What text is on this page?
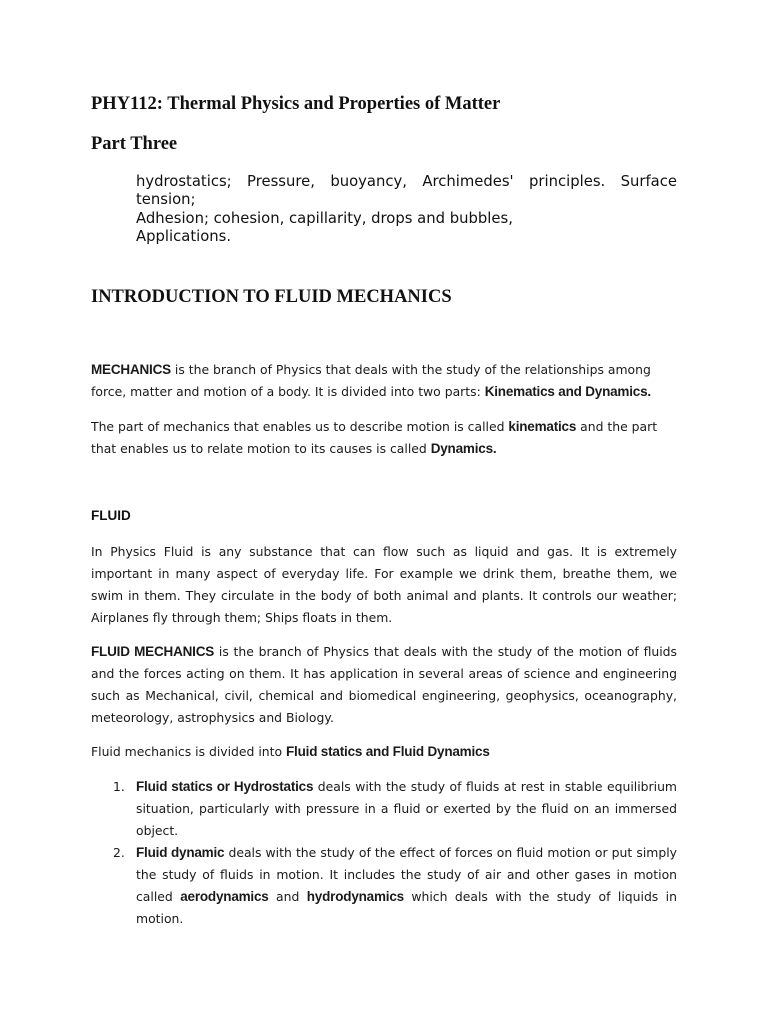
PHY112: Thermal Physics and Properties of Matter
Part Three

hydrostatics; Pressure, buoyancy, Archimedes' principles. Surface tension;

Adhesion; cohesion, capillarity, drops and bubbles,

Applications.

INTRODUCTION TO FLUID MECHANICS

MECHANICS is the branch of Physics that deals with the study of the relationships among force, matter and motion of a body. It is divided into two parts: Kinematics and Dynamics.

The part of mechanics that enables us to describe motion is called kinematics and the part that enables us to relate motion to its causes is called Dynamics.

FLUID

In Physics Fluid is any substance that can flow such as liquid and gas. It is extremely important in many aspect of everyday life. For example we drink them, breathe them, we swim in them. They circulate in the body of both animal and plants. It controls our weather; Airplanes fly through them; Ships floats in them.

FLUID MECHANICS is the branch of Physics that deals with the study of the motion of fluids and the forces acting on them. It has application in several areas of science and engineering such as Mechanical, civil, chemical and biomedical engineering, geophysics, oceanography, meteorology, astrophysics and Biology.

Fluid mechanics is divided into Fluid statics and Fluid Dynamics

1. Fluid statics or Hydrostatics deals with the study of fluids at rest in stable equilibrium situation, particularly with pressure in a fluid or exerted by the fluid on an immersed object.
2. Fluid dynamic deals with the study of the effect of forces on fluid motion or put simply the study of fluids in motion. It includes the study of air and other gases in motion called aerodynamics and hydrodynamics which deals with the study of liquids in motion.
